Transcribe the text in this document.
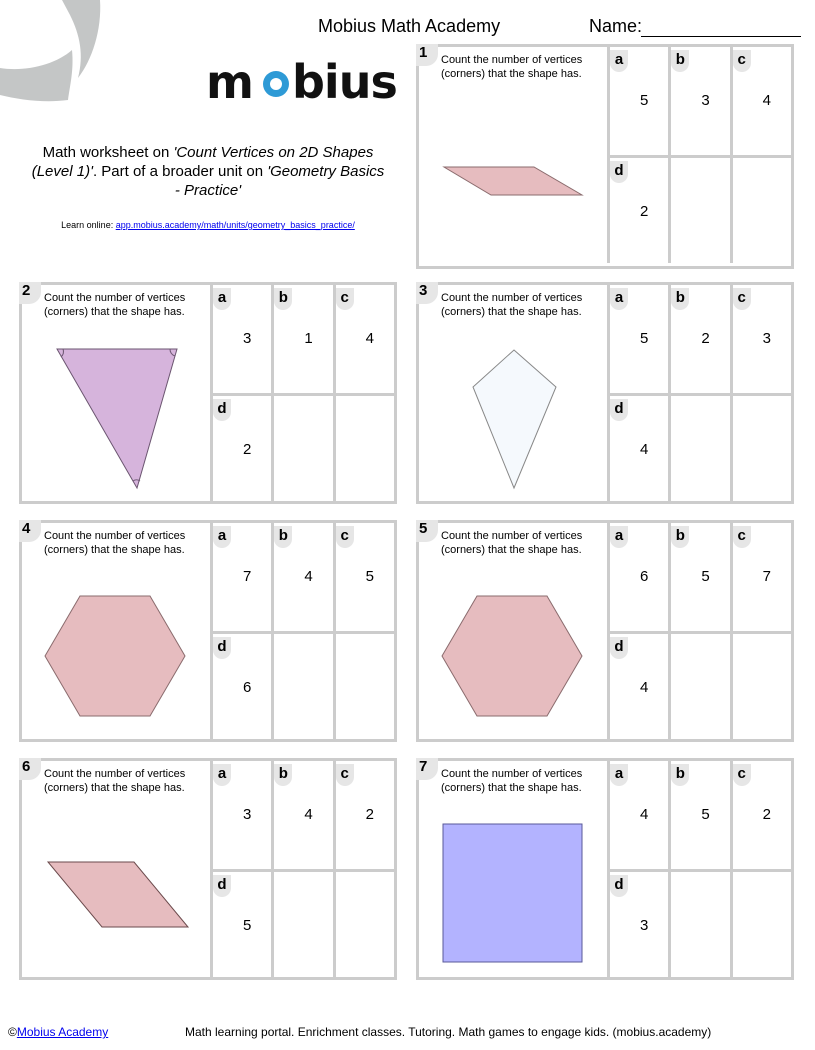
Mobius Math Academy	Name:
m bius
Math worksheet on 'Count Vertices on 2D Shapes (Level 1)'. Part of a broader unit on 'Geometry Basics - Practice'
Learn online: app.mobius.academy/math/units/geometry_basics_practice/
1	Count the number of vertices (corners) that the shape has.
a
5
b
3
c
4
d
2
2	Count the number of vertices (corners) that the shape has.
a
3
b
1
c
4
d
2
3	Count the number of vertices (corners) that the shape has.
a
5
b
2
c
3
d
4
4	Count the number of vertices (corners) that the shape has.
a
7
b
4
c
5
d
6
5	Count the number of vertices (corners) that the shape has.
a
6
b
5
c
7
d
4
6	Count the number of vertices (corners) that the shape has.
a
3
b
4
c
2
d
5
7	Count the number of vertices (corners) that the shape has.
a
4
b
5
c
2
d
3
©Mobius Academy	Math learning portal. Enrichment classes. Tutoring. Math games to engage kids. (mobius.academy)
